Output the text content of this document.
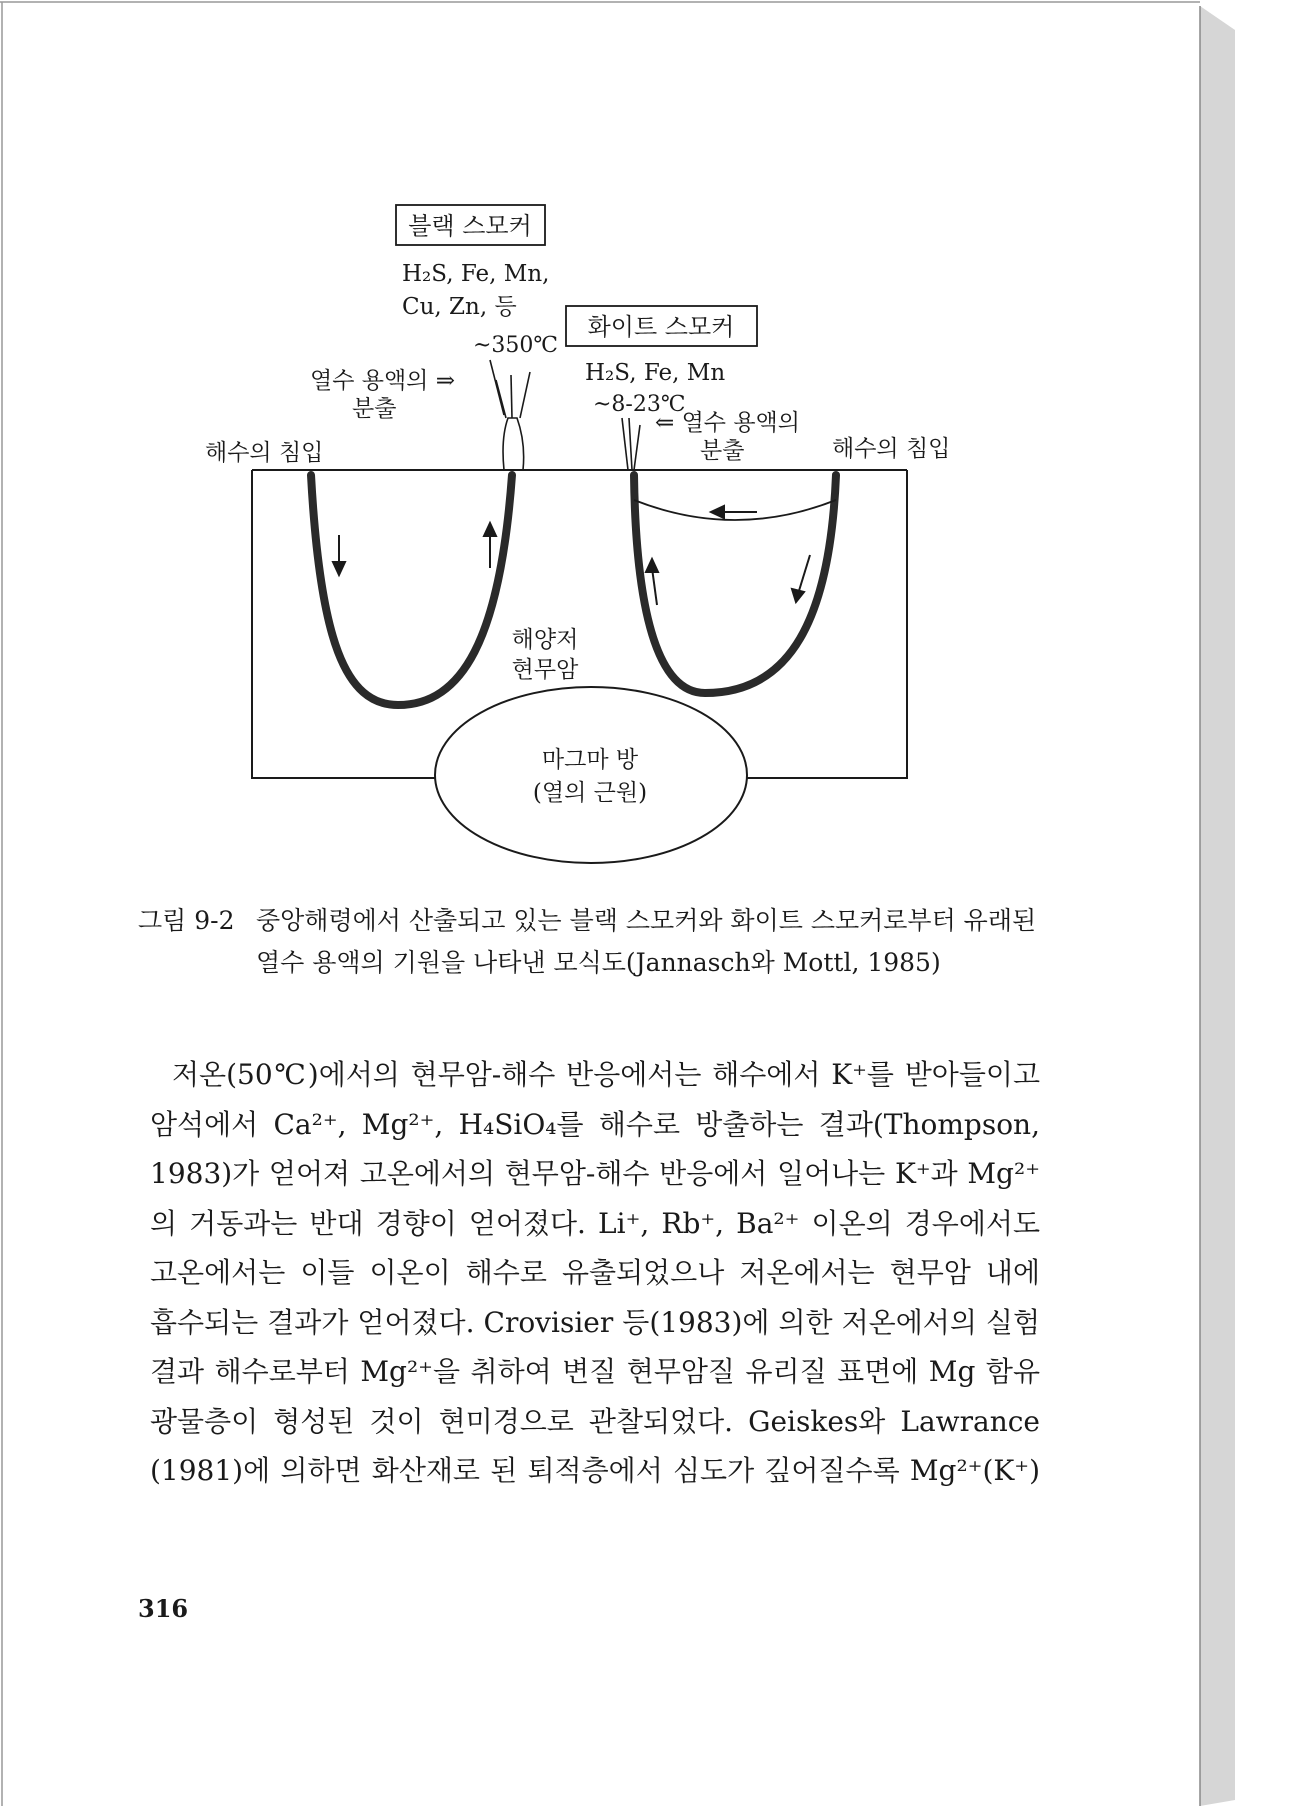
블랙 스모커
H₂S, Fe, Mn,
Cu, Zn, 등
~350℃
열수 용액의 ⇒
분출
화이트 스모커
H₂S, Fe, Mn
~8-23℃
⇐ 열수 용액의
분출
해수의 침입	해수의 침입
해양저
현무암
마그마 방
(열의 근원)
그림 9-2 중앙해령에서 산출되고 있는 블랙 스모커와 화이트 스모커로부터 유래된
열수 용액의 기원을 나타낸 모식도(Jannasch와 Mottl, 1985)
저온(50℃)에서의 현무암-해수 반응에서는 해수에서 K⁺를 받아들이고
암석에서 Ca²⁺, Mg²⁺, H₄SiO₄를 해수로 방출하는 결과(Thompson,
1983)가 얻어져 고온에서의 현무암-해수 반응에서 일어나는 K⁺과 Mg²⁺
의 거동과는 반대 경향이 얻어졌다. Li⁺, Rb⁺, Ba²⁺ 이온의 경우에서도
고온에서는 이들 이온이 해수로 유출되었으나 저온에서는 현무암 내에
흡수되는 결과가 얻어졌다. Crovisier 등(1983)에 의한 저온에서의 실험
결과 해수로부터 Mg²⁺을 취하여 변질 현무암질 유리질 표면에 Mg 함유
광물층이 형성된 것이 현미경으로 관찰되었다. Geiskes와 Lawrance
(1981)에 의하면 화산재로 된 퇴적층에서 심도가 깊어질수록 Mg²⁺(K⁺)
316
